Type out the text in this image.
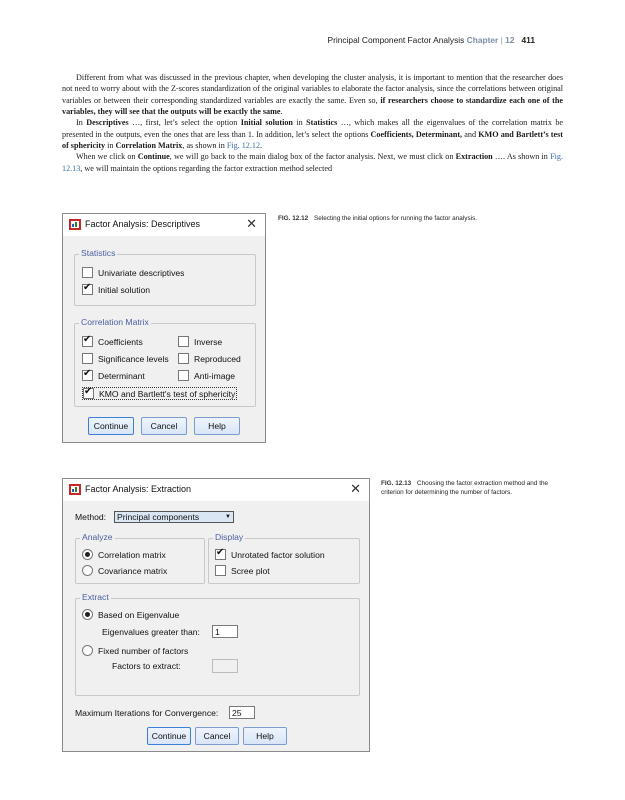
Principal Component Factor Analysis Chapter | 12 411

Different from what was discussed in the previous chapter, when developing the cluster analysis, it is important to mention that the researcher does not need to worry about with the Z-scores standardization of the original variables to elaborate the factor analysis, since the correlations between original variables or between their corresponding standardized variables are exactly the same. Even so, if researchers choose to standardize each one of the variables, they will see that the outputs will be exactly the same.

In Descriptives …, first, let’s select the option Initial solution in Statistics …, which makes all the eigenvalues of the correlation matrix be presented in the outputs, even the ones that are less than 1. In addition, let’s select the options Coefficients, Determinant, and KMO and Bartlett’s test of sphericity in Correlation Matrix, as shown in Fig. 12.12.

When we click on Continue, we will go back to the main dialog box of the factor analysis. Next, we must click on Extraction …. As shown in Fig. 12.13, we will maintain the options regarding the factor extraction method selected

FIG. 12.12 Selecting the initial options for running the factor analysis.
Factor Analysis: Descriptives	✕
Statistics
Univariate descriptives
✔
Initial solution
Correlation Matrix
✔
Coefficients	Inverse
Significance levels	Reproduced
✔
Determinant	Anti-image
✔
KMO and Bartlett's test of sphericity
Continue	Cancel	Help
FIG. 12.13 Choosing the factor extraction method and the criterion for determining the number of factors.
Factor Analysis: Extraction	✕
Method:	Principal components	▼
Analyze
Correlation matrix
Covariance matrix
Display
✔
Unrotated factor solution
Scree plot
Extract
Based on Eigenvalue
Eigenvalues greater than:	1
Fixed number of factors
Factors to extract:
Maximum Iterations for Convergence:	25
Continue	Cancel	Help
